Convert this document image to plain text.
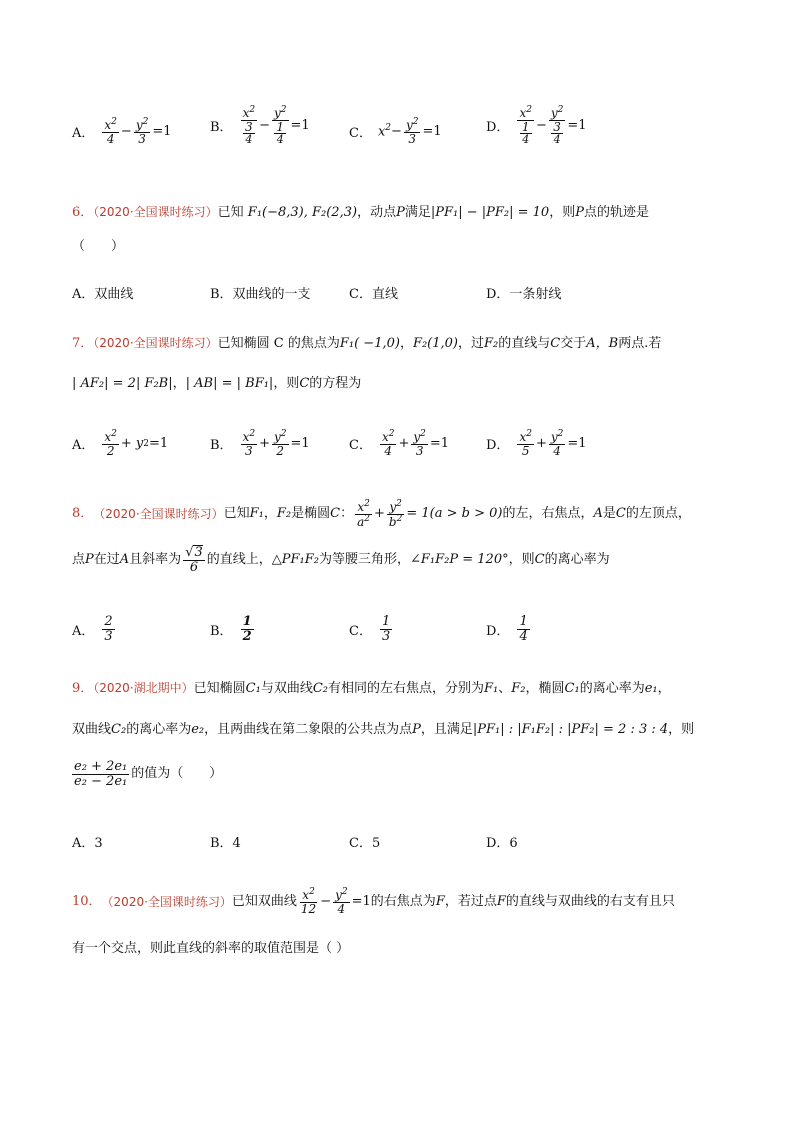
A． $\frac{x^2}{4} - \frac{y^2}{3} =1$	B． $\frac{x^2}{\frac{3}{4}} - \frac{y^2}{\frac{1}{4}} =1$
C． $x^2 - \frac{y^2}{3} =1$	D． $\frac{x^2}{\frac{1}{4}} - \frac{y^2}{\frac{3}{4}} =1$
6．（2020·全国课时练习）已知 F₁(−8,3), F₂(2,3)，动点P满足|PF₁| − |PF₂| = 10，则P点的轨迹是
（　　）
A．双曲线	B．双曲线的一支	C．直线	D．一条射线
7．（2020·全国课时练习）已知椭圆 C 的焦点为F₁( −1,0)，F₂(1,0)，过F₂的直线与C交于A，B两点.若
| AF₂| = 2| F₂B|，| AB| = | BF₁|，则C的方程为
A． $\frac{x^2}{2} + y$ 2 =1	B． $\frac{x^2}{3} + \frac{y^2}{2} =1$	C． $\frac{x^2}{4} + \frac{y^2}{3} =1$	D． $\frac{x^2}{5} + \frac{y^2}{4} =1$
8． （2020·全国课时练习） 已知 F₁ ， F₂ 是椭圆 C ： $\frac{x^2}{a^2} + \frac{y^2}{b^2} = 1(a > b > 0)$ 的左，右焦点， A 是 C 的左顶点，
点 P 在过 A 且斜率为 $\frac{√3}{6}$ 的直线上， △PF₁F₂ 为等腰三角形， ∠F₁F₂P = 120° ，则 C 的离心率为
A． $\frac{2}{3}$	B． $\frac{1}{2}$	C． $\frac{1}{3}$	D． $\frac{1}{4}$
9．（2020·湖北期中）已知椭圆C₁与双曲线C₂有相同的左右焦点，分别为F₁、F₂，椭圆C₁的离心率为e₁，
双曲线C₂的离心率为e₂，且两曲线在第二象限的公共点为点P，且满足|PF₁| : |F₁F₂| : |PF₂| = 2 : 3 : 4，则
$\frac{\text{e₂ + 2e₁}}{\text{e₂ − 2e₁}}$ 的值为（　　）
A．3	B．4	C．5	D．6
10． （2020·全国课时练习） 已知双曲线 $\frac{x^2}{12} - \frac{y^2}{4} =1$ 的右焦点为 F ，若过点 F 的直线与双曲线的右支有且只
有一个交点，则此直线的斜率的取值范围是（ ）
